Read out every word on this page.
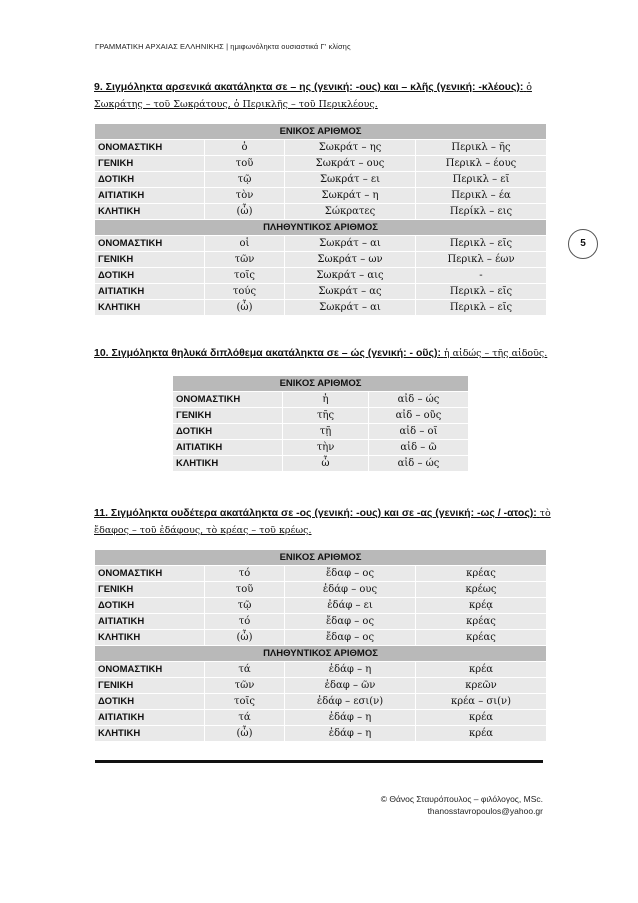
ΓΡΑΜΜΑΤΙΚΗ ΑΡΧΑΙΑΣ ΕΛΛΗΝΙΚΗΣ | ημιφωνόληκτα ουσιαστικά Γ' κλίσης
5
9. Σιγμόληκτα αρσενικά ακατάληκτα σε – ης (γενική: -ους) και – κλῆς (γενική: -κλέους): ὁ Σωκράτης – τοῦ Σωκράτους, ὁ Περικλῆς – τοῦ Περικλέους.
ΕΝΙΚΟΣ ΑΡΙΘΜΟΣ			
ΟΝΟΜΑΣΤΙΚΗ	ὁ	Σωκράτ – ης	Περικλ – ῆς
ΓΕΝΙΚΗ	τοῦ	Σωκράτ – ους	Περικλ – έους
ΔΟΤΙΚΗ	τῷ	Σωκράτ – ει	Περικλ – εῖ
ΑΙΤΙΑΤΙΚΗ	τὸν	Σωκράτ – η	Περικλ – έα
ΚΛΗΤΙΚΗ	(ὦ)	Σώκρατες	Περίκλ – εις
ΠΛΗΘΥΝΤΙΚΟΣ ΑΡΙΘΜΟΣ			
ΟΝΟΜΑΣΤΙΚΗ	οἱ	Σωκράτ – αι	Περικλ – εῖς
ΓΕΝΙΚΗ	τῶν	Σωκράτ – ων	Περικλ – έων
ΔΟΤΙΚΗ	τοῖς	Σωκράτ – αις	-
ΑΙΤΙΑΤΙΚΗ	τούς	Σωκράτ – ας	Περικλ – εῖς
ΚΛΗΤΙΚΗ	(ὦ)	Σωκράτ – αι	Περικλ – εῖς
10. Σιγμόληκτα θηλυκά διπλόθεμα ακατάληκτα σε – ώς (γενική: - οῦς): ἡ αἰδώς – τῆς αἰδοῦς.
ΕΝΙΚΟΣ ΑΡΙΘΜΟΣ		
ΟΝΟΜΑΣΤΙΚΗ	ἡ	αἰδ – ώς
ΓΕΝΙΚΗ	τῆς	αἰδ – οῦς
ΔΟΤΙΚΗ	τῇ	αἰδ – οῖ
ΑΙΤΙΑΤΙΚΗ	τὴν	αἰδ – ῶ
ΚΛΗΤΙΚΗ	ὦ	αἰδ – ώς
11. Σιγμόληκτα ουδέτερα ακατάληκτα σε -ος (γενική: -ους) και σε -ας (γενική: -ως / -ατος): τὸ ἔδαφος – τοῦ ἐδάφους, τὸ κρέας – τοῦ κρέως.
ΕΝΙΚΟΣ ΑΡΙΘΜΟΣ			
ΟΝΟΜΑΣΤΙΚΗ	τό	ἔδαφ – ος	κρέας
ΓΕΝΙΚΗ	τοῦ	ἐδάφ – ους	κρέως
ΔΟΤΙΚΗ	τῷ	ἐδάφ – ει	κρέᾳ
ΑΙΤΙΑΤΙΚΗ	τό	ἔδαφ – ος	κρέας
ΚΛΗΤΙΚΗ	(ὦ)	ἔδαφ – ος	κρέας
ΠΛΗΘΥΝΤΙΚΟΣ ΑΡΙΘΜΟΣ			
ΟΝΟΜΑΣΤΙΚΗ	τά	ἐδάφ – η	κρέα
ΓΕΝΙΚΗ	τῶν	ἐδαφ – ῶν	κρεῶν
ΔΟΤΙΚΗ	τοῖς	ἐδάφ – εσι(ν)	κρέα – σι(ν)
ΑΙΤΙΑΤΙΚΗ	τά	ἐδάφ – η	κρέα
ΚΛΗΤΙΚΗ	(ὦ)	ἐδάφ – η	κρέα
© Θάνος Σταυρόπουλος – φιλόλογος, MSc.
thanosstavropoulos@yahoo.gr
